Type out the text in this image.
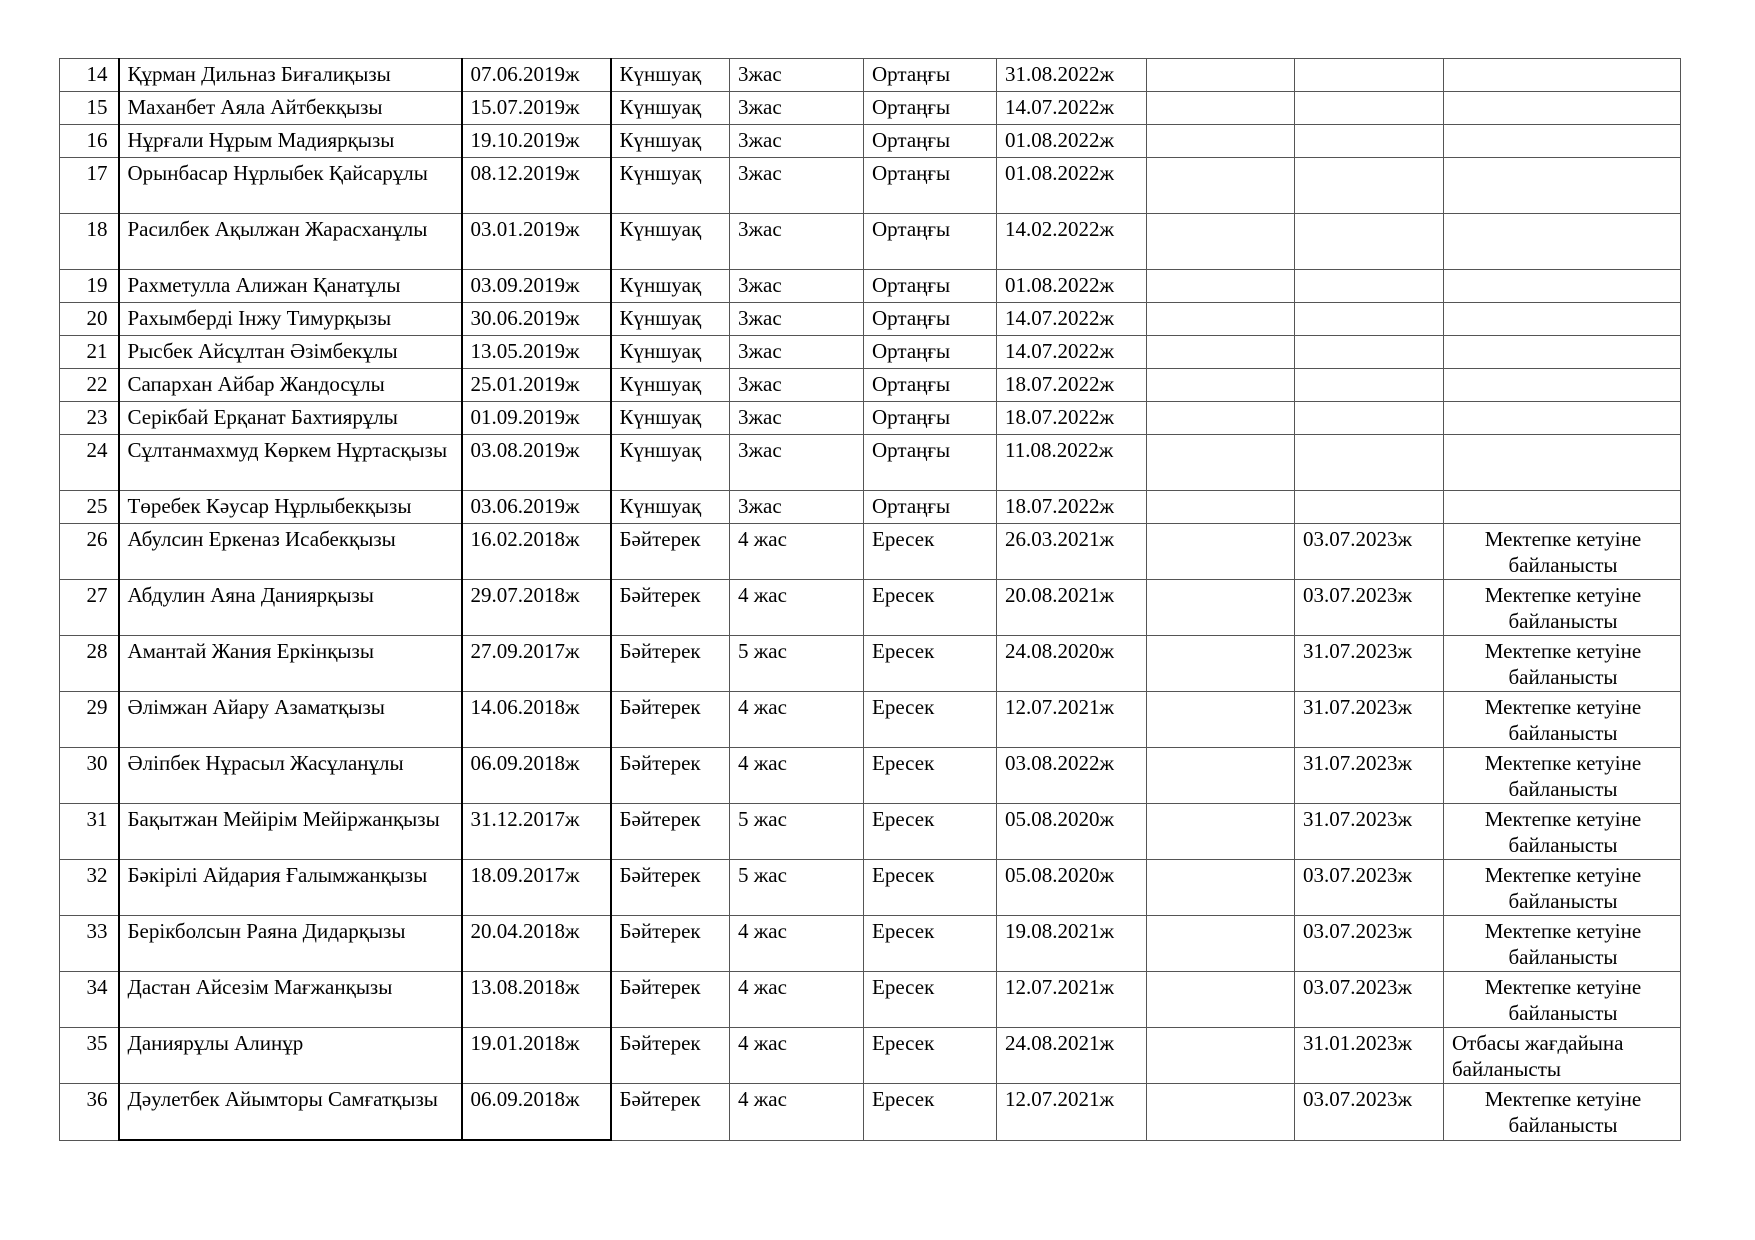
14	Құрман Дильназ Биғалиқызы	07.06.2019ж	Күншуақ	3жас	Ортаңғы	31.08.2022ж			
15	Маханбет Аяла Айтбекқызы	15.07.2019ж	Күншуақ	3жас	Ортаңғы	14.07.2022ж			
16	Нұрғали Нұрым Мадиярқызы	19.10.2019ж	Күншуақ	3жас	Ортаңғы	01.08.2022ж			
17	Орынбасар Нұрлыбек Қайсарұлы	08.12.2019ж	Күншуақ	3жас	Ортаңғы	01.08.2022ж			
18	Расилбек Ақылжан Жарасханұлы	03.01.2019ж	Күншуақ	3жас	Ортаңғы	14.02.2022ж			
19	Рахметулла Алижан Қанатұлы	03.09.2019ж	Күншуақ	3жас	Ортаңғы	01.08.2022ж			
20	Рахымберді Інжу Тимурқызы	30.06.2019ж	Күншуақ	3жас	Ортаңғы	14.07.2022ж			
21	Рысбек Айсұлтан Әзімбекұлы	13.05.2019ж	Күншуақ	3жас	Ортаңғы	14.07.2022ж			
22	Сапархан Айбар Жандосұлы	25.01.2019ж	Күншуақ	3жас	Ортаңғы	18.07.2022ж			
23	Серікбай Ерқанат Бахтиярұлы	01.09.2019ж	Күншуақ	3жас	Ортаңғы	18.07.2022ж			
24	Сұлтанмахмуд Көркем Нұртасқызы	03.08.2019ж	Күншуақ	3жас	Ортаңғы	11.08.2022ж			
25	Төребек Кәусар Нұрлыбекқызы	03.06.2019ж	Күншуақ	3жас	Ортаңғы	18.07.2022ж			
26	Абулсин Еркеназ Исабекқызы	16.02.2018ж	Бәйтерек	4 жас	Ересек	26.03.2021ж		03.07.2023ж	Мектепке кетуіне байланысты
27	Абдулин Аяна Даниярқызы	29.07.2018ж	Бәйтерек	4 жас	Ересек	20.08.2021ж		03.07.2023ж	Мектепке кетуіне байланысты
28	Амантай Жания Еркінқызы	27.09.2017ж	Бәйтерек	5 жас	Ересек	24.08.2020ж		31.07.2023ж	Мектепке кетуіне байланысты
29	Әлімжан Айару Азаматқызы	14.06.2018ж	Бәйтерек	4 жас	Ересек	12.07.2021ж		31.07.2023ж	Мектепке кетуіне байланысты
30	Әліпбек Нұрасыл Жасұланұлы	06.09.2018ж	Бәйтерек	4 жас	Ересек	03.08.2022ж		31.07.2023ж	Мектепке кетуіне байланысты
31	Бақытжан Мейірім Мейіржанқызы	31.12.2017ж	Бәйтерек	5 жас	Ересек	05.08.2020ж		31.07.2023ж	Мектепке кетуіне байланысты
32	Бәкірілі Айдария Ғалымжанқызы	18.09.2017ж	Бәйтерек	5 жас	Ересек	05.08.2020ж		03.07.2023ж	Мектепке кетуіне байланысты
33	Берікболсын Раяна Дидарқызы	20.04.2018ж	Бәйтерек	4 жас	Ересек	19.08.2021ж		03.07.2023ж	Мектепке кетуіне байланысты
34	Дастан Айсезім Мағжанқызы	13.08.2018ж	Бәйтерек	4 жас	Ересек	12.07.2021ж		03.07.2023ж	Мектепке кетуіне байланысты
35	Даниярұлы Алинұр	19.01.2018ж	Бәйтерек	4 жас	Ересек	24.08.2021ж		31.01.2023ж	Отбасы жағдайына байланысты
36	Дәулетбек Айымторы Самғатқызы	06.09.2018ж	Бәйтерек	4 жас	Ересек	12.07.2021ж		03.07.2023ж	Мектепке кетуіне байланысты
